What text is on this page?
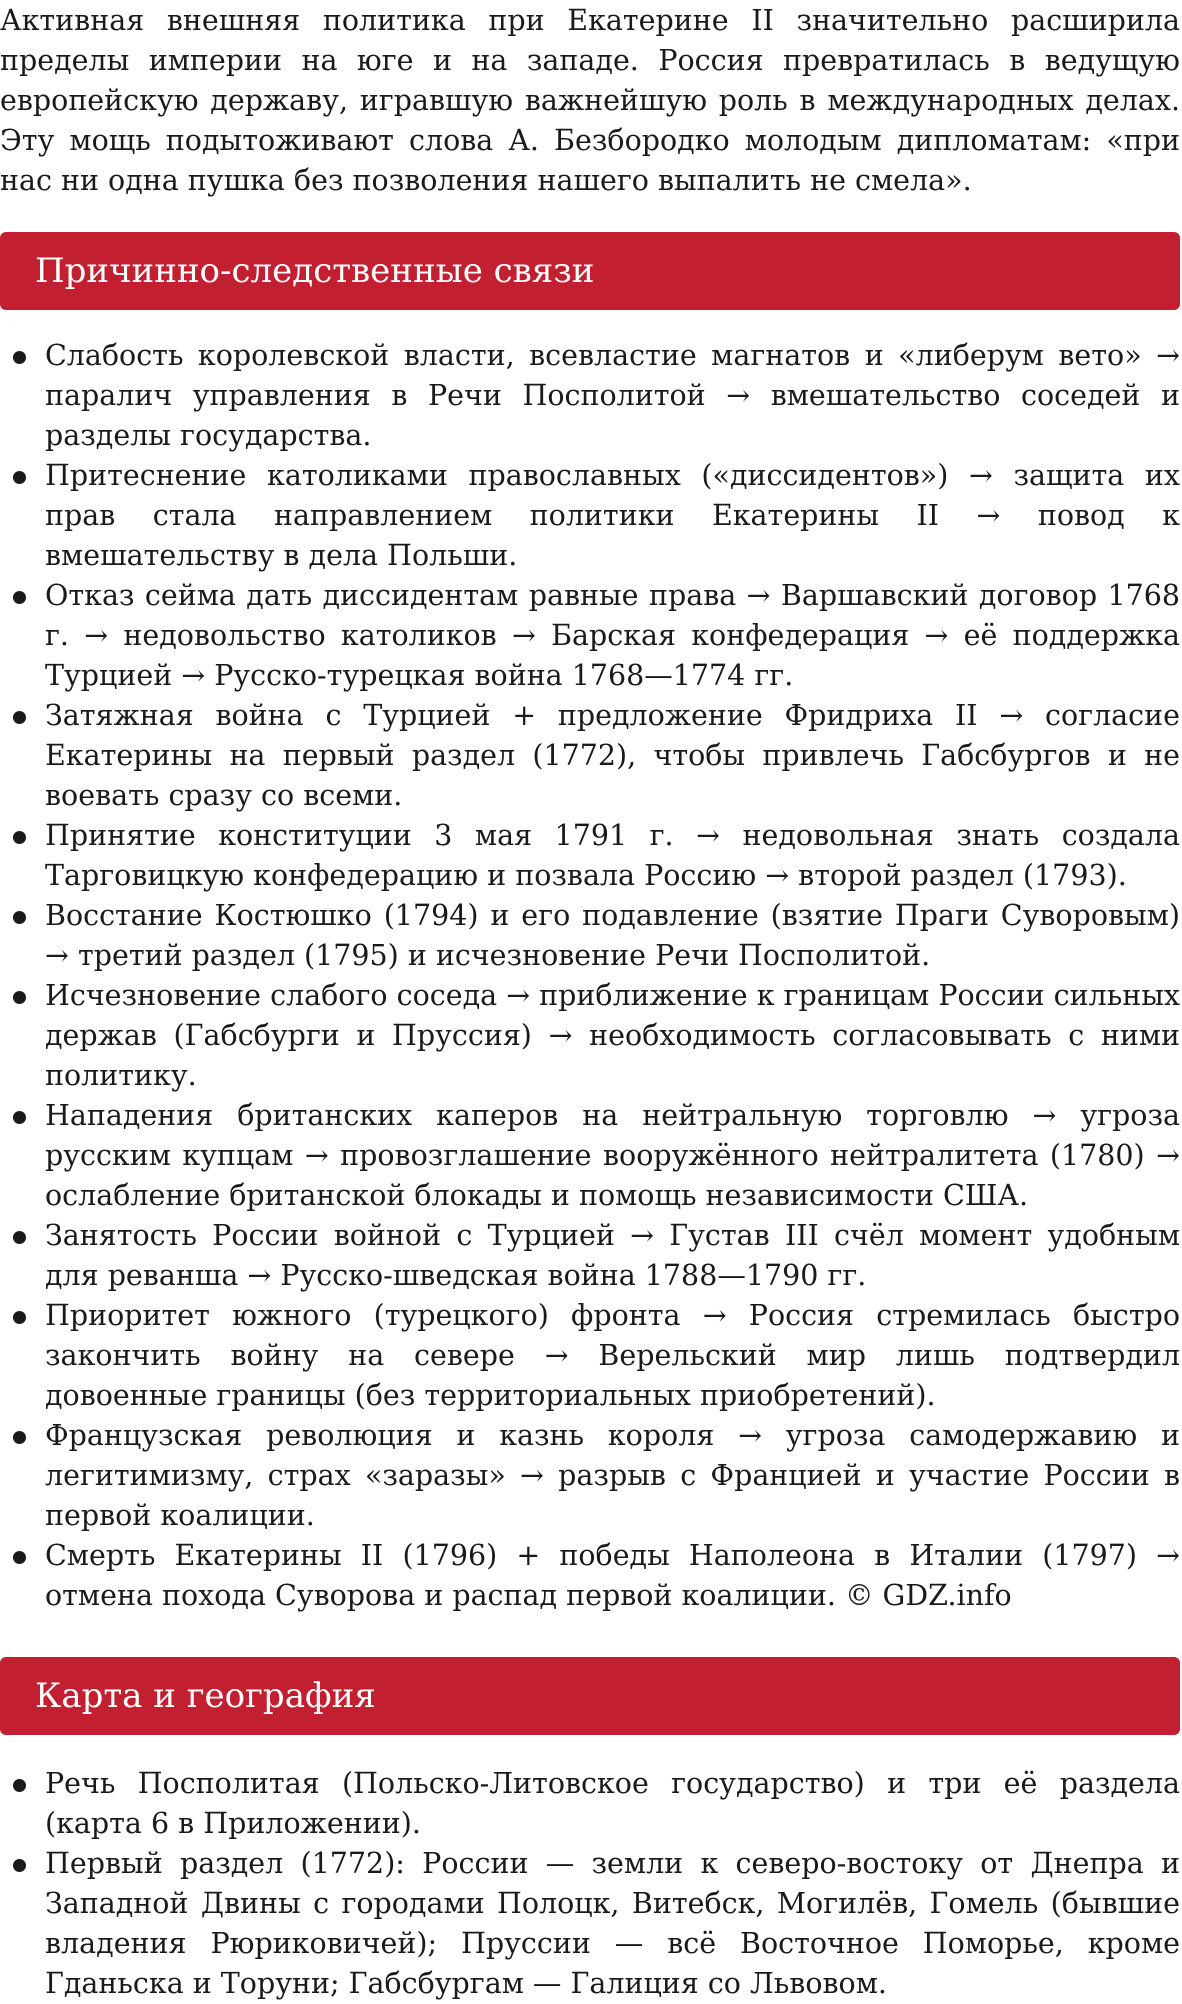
Активная внешняя политика при Екатерине II значительно расширила пределы империи на юге и на западе. Россия превратилась в ведущую европейскую державу, игравшую важнейшую роль в международных делах. Эту мощь подытоживают слова А. Безбородко молодым дипломатам: «при нас ни одна пушка без позволения нашего выпалить не смела».

Причинно-следственные связи
Слабость королевской власти, всевластие магнатов и «либерум вето» → паралич управления в Речи Посполитой → вмешательство соседей и разделы государства.
Притеснение католиками православных («диссидентов») → защита их прав стала направлением политики Екатерины II → повод к вмешательству в дела Польши.
Отказ сейма дать диссидентам равные права → Варшавский договор 1768 г. → недовольство католиков → Барская конфедерация → её поддержка Турцией → Русско-турецкая война 1768—1774 гг.
Затяжная война с Турцией + предложение Фридриха II → согласие Екатерины на первый раздел (1772), чтобы привлечь Габсбургов и не воевать сразу со всеми.
Принятие конституции 3 мая 1791 г. → недовольная знать создала Тарговицкую конфедерацию и позвала Россию → второй раздел (1793).
Восстание Костюшко (1794) и его подавление (взятие Праги Суворовым) → третий раздел (1795) и исчезновение Речи Посполитой.
Исчезновение слабого соседа → приближение к границам России сильных держав (Габсбурги и Пруссия) → необходимость согласовывать с ними политику.
Нападения британских каперов на нейтральную торговлю → угроза русским купцам → провозглашение вооружённого нейтралитета (1780) → ослабление британской блокады и помощь независимости США.
Занятость России войной с Турцией → Густав III счёл момент удобным для реванша → Русско-шведская война 1788—1790 гг.
Приоритет южного (турецкого) фронта → Россия стремилась быстро закончить войну на севере → Верельский мир лишь подтвердил довоенные границы (без территориальных приобретений).
Французская революция и казнь короля → угроза самодержавию и легитимизму, страх «заразы» → разрыв с Францией и участие России в первой коалиции.
Смерть Екатерины II (1796) + победы Наполеона в Италии (1797) → отмена похода Суворова и распад первой коалиции. © GDZ.info
Карта и география
Речь Посполитая (Польско-Литовское государство) и три её раздела (карта 6 в Приложении).
Первый раздел (1772): России — земли к северо-востоку от Днепра и Западной Двины с городами Полоцк, Витебск, Могилёв, Гомель (бывшие владения Рюриковичей); Пруссии — всё Восточное Поморье, кроме Гданьска и Торуни; Габсбургам — Галиция со Львовом.
